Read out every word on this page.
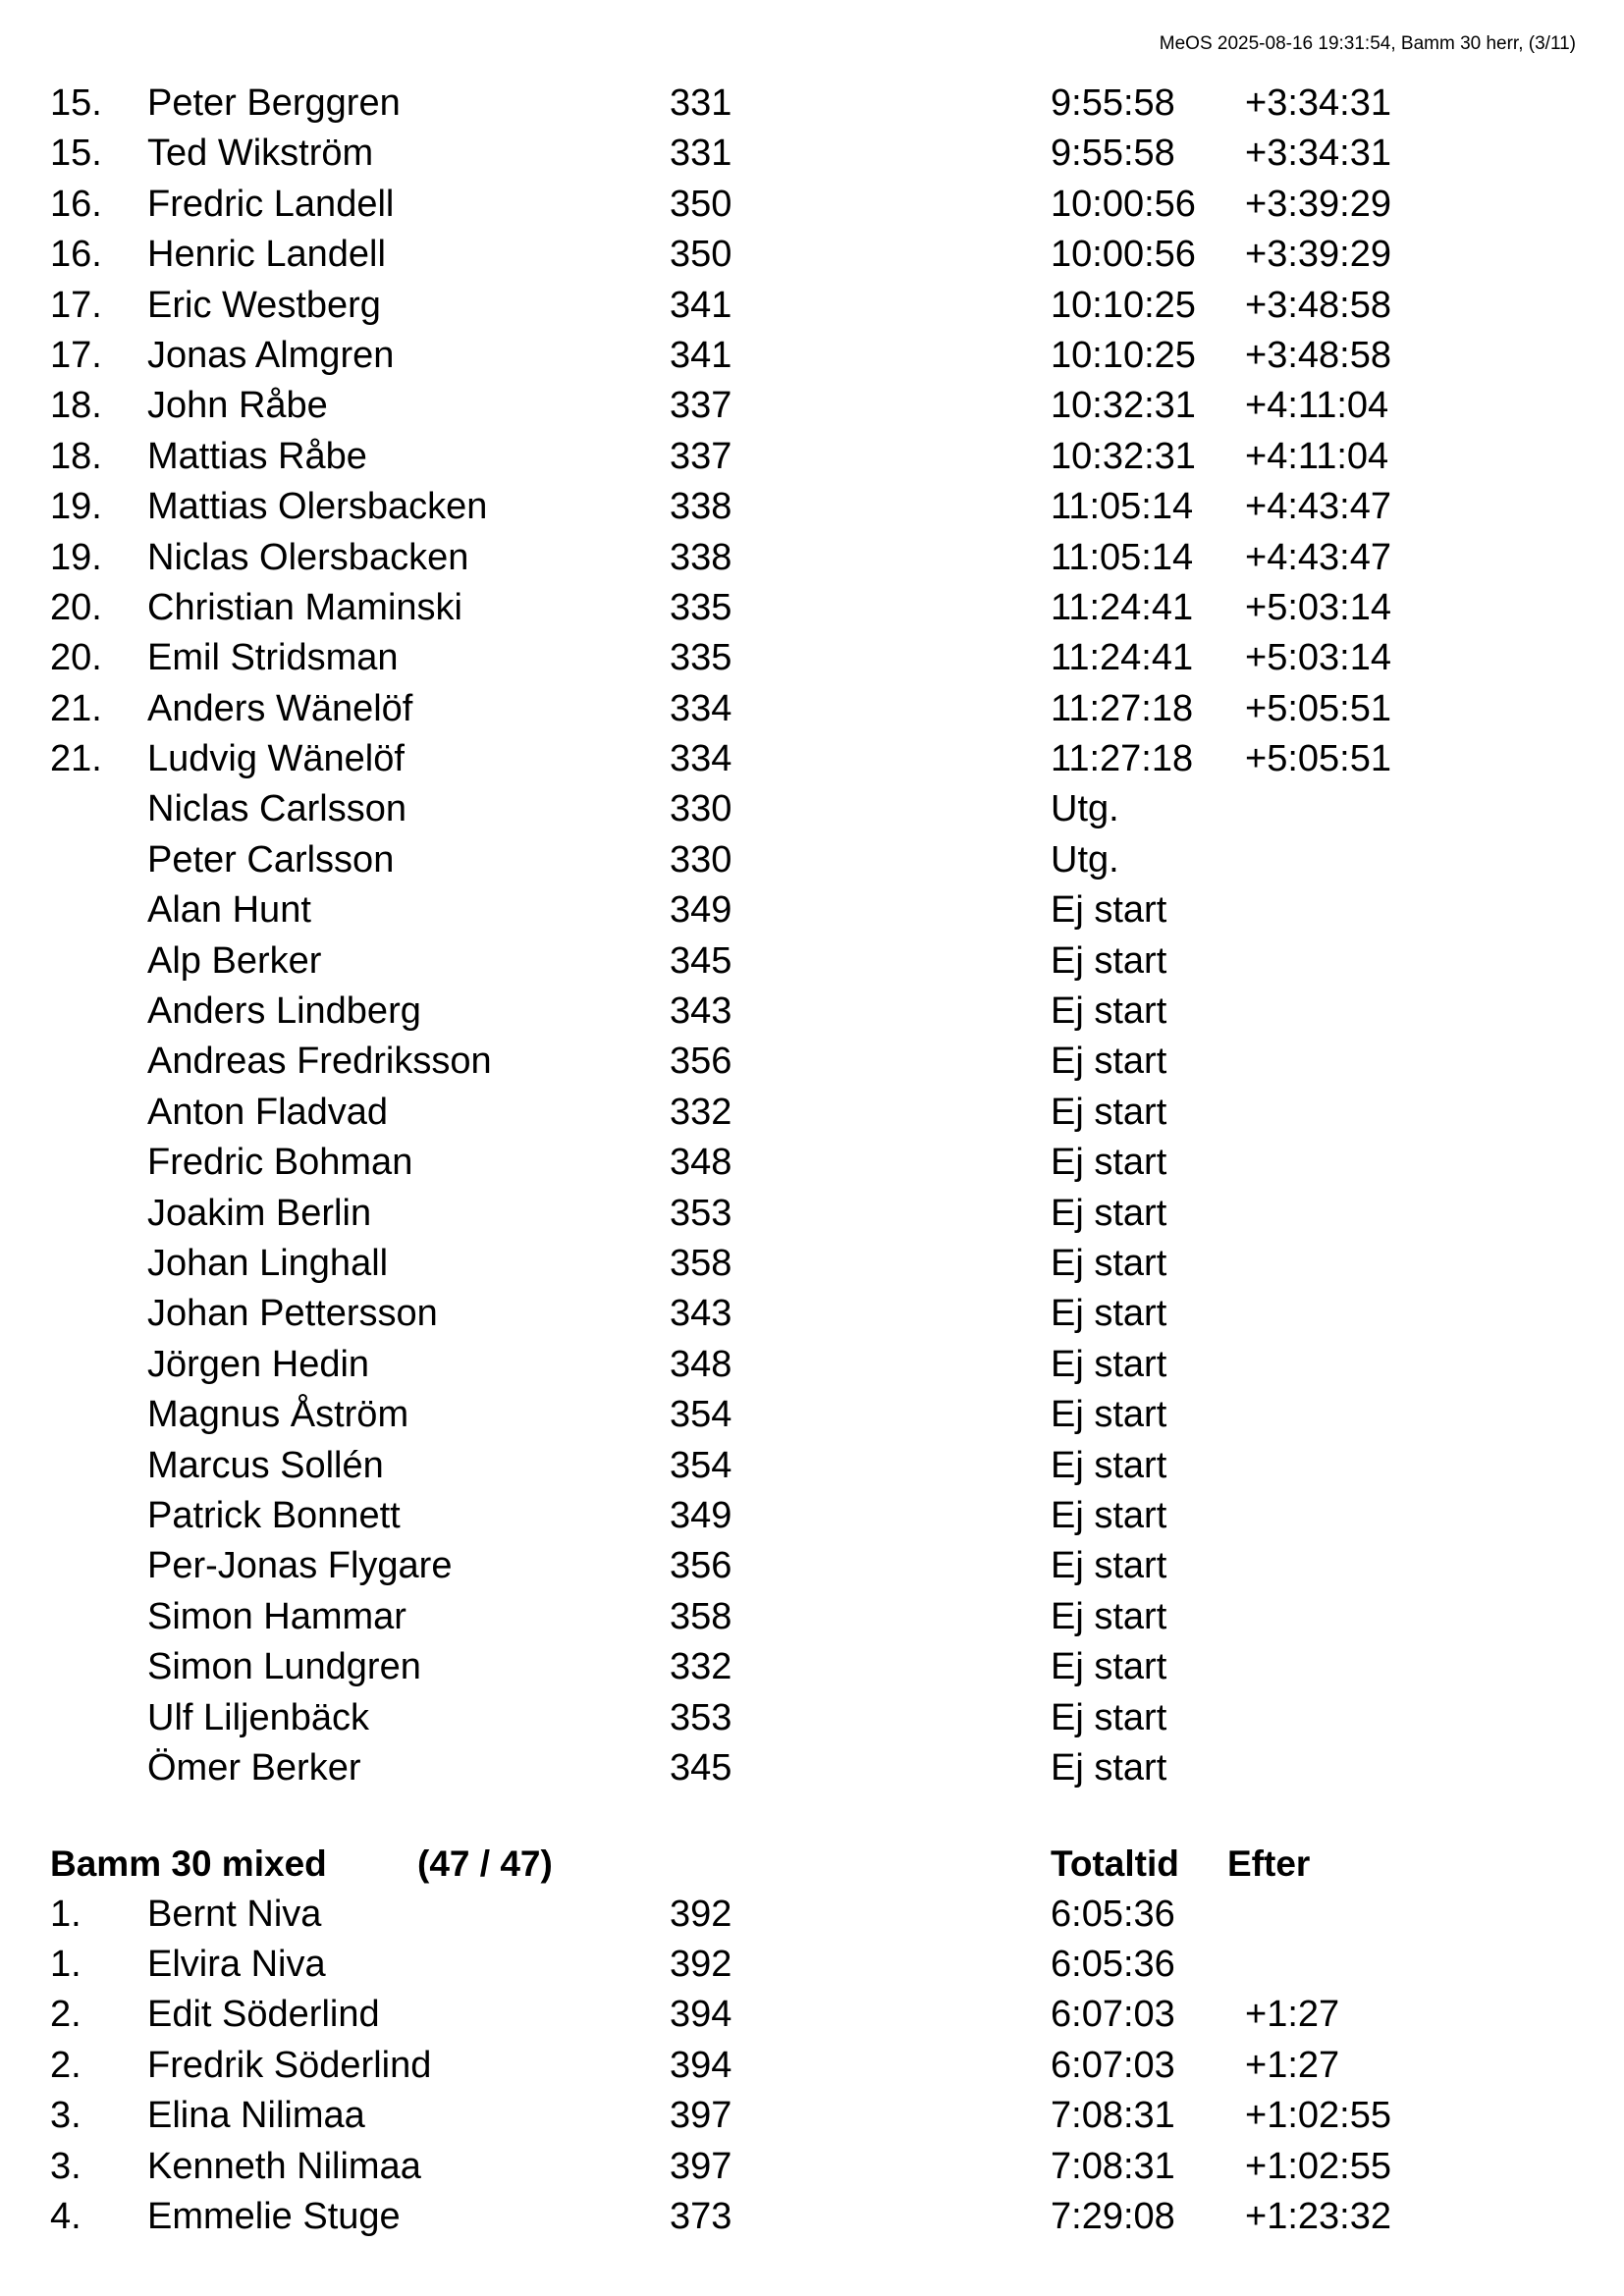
MeOS 2025-08-16 19:31:54, Bamm 30 herr, (3/11)
15. Peter Berggren	331	9:55:58 +3:34:31
15. Ted Wikström	331	9:55:58 +3:34:31
16. Fredric Landell	350	10:00:56 +3:39:29
16. Henric Landell	350	10:00:56 +3:39:29
17. Eric Westberg	341	10:10:25 +3:48:58
17. Jonas Almgren	341	10:10:25 +3:48:58
18. John Råbe	337	10:32:31 +4:11:04
18. Mattias Råbe	337	10:32:31 +4:11:04
19. Mattias Olersbacken	338	11:05:14 +4:43:47
19. Niclas Olersbacken	338	11:05:14 +4:43:47
20. Christian Maminski	335	11:24:41 +5:03:14
20. Emil Stridsman	335	11:24:41 +5:03:14
21. Anders Wänelöf	334	11:27:18 +5:05:51
21. Ludvig Wänelöf	334	11:27:18 +5:05:51
Niclas Carlsson	330	Utg.
Peter Carlsson	330	Utg.
Alan Hunt	349	Ej start
Alp Berker	345	Ej start
Anders Lindberg	343	Ej start
Andreas Fredriksson	356	Ej start
Anton Fladvad	332	Ej start
Fredric Bohman	348	Ej start
Joakim Berlin	353	Ej start
Johan Linghall	358	Ej start
Johan Pettersson	343	Ej start
Jörgen Hedin	348	Ej start
Magnus Åström	354	Ej start
Marcus Sollén	354	Ej start
Patrick Bonnett	349	Ej start
Per-Jonas Flygare	356	Ej start
Simon Hammar	358	Ej start
Simon Lundgren	332	Ej start
Ulf Liljenbäck	353	Ej start
Ömer Berker	345	Ej start
Bamm 30 mixed (47 / 47)	Totaltid Efter
1. Bernt Niva	392	6:05:36
1. Elvira Niva	392	6:05:36
2. Edit Söderlind	394	6:07:03 +1:27
2. Fredrik Söderlind	394	6:07:03 +1:27
3. Elina Nilimaa	397	7:08:31 +1:02:55
3. Kenneth Nilimaa	397	7:08:31 +1:02:55
4. Emmelie Stuge	373	7:29:08 +1:23:32
